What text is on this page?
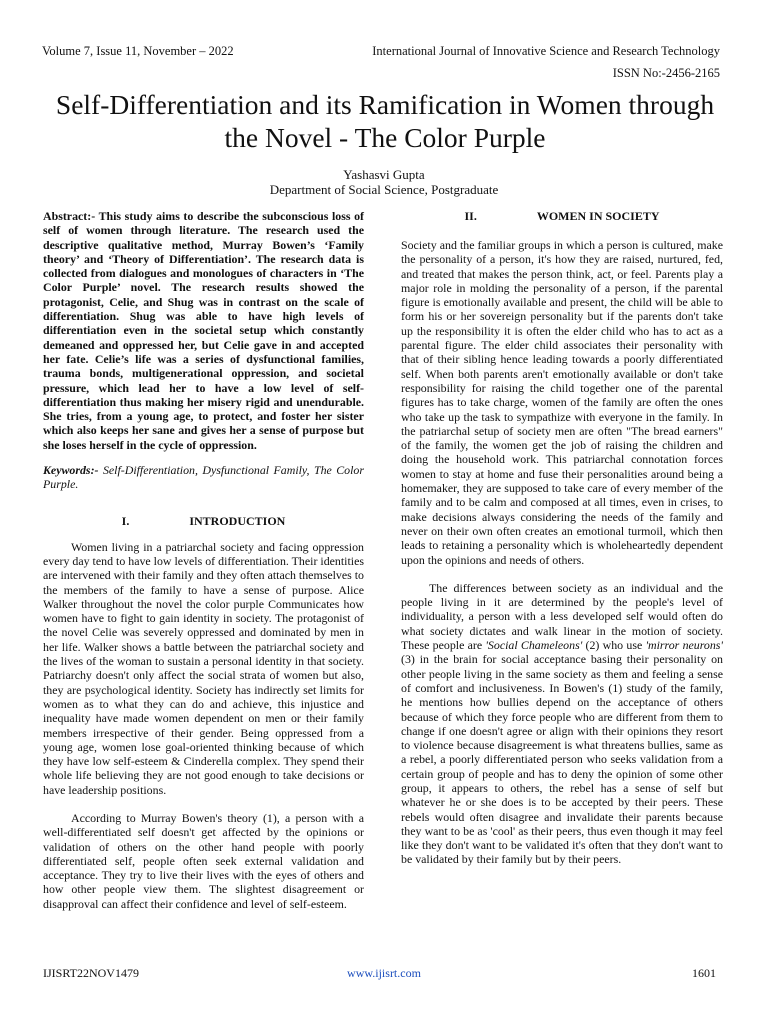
Volume 7, Issue 11, November – 2022	International Journal of Innovative Science and Research Technology
ISSN No:-2456-2165
Self-Differentiation and its Ramification in Women through the Novel - The Color Purple
Yashasvi Gupta
Department of Social Science, Postgraduate

Abstract:- This study aims to describe the subconscious loss of self of women through literature. The research used the descriptive qualitative method, Murray Bowen’s ‘Family theory’ and ‘Theory of Differentiation’. The research data is collected from dialogues and monologues of characters in ‘The Color Purple’ novel. The research results showed the protagonist, Celie, and Shug was in contrast on the scale of differentiation. Shug was able to have high levels of differentiation even in the societal setup which constantly demeaned and oppressed her, but Celie gave in and accepted her fate. Celie’s life was a series of dysfunctional families, trauma bonds, multigenerational oppression, and societal pressure, which lead her to have a low level of self-differentiation thus making her misery rigid and unendurable. She tries, from a young age, to protect, and foster her sister which also keeps her sane and gives her a sense of purpose but she loses herself in the cycle of oppression.

Keywords:- Self-Differentiation, Dysfunctional Family, The Color Purple.

I.	INTRODUCTION

Women living in a patriarchal society and facing oppression every day tend to have low levels of differentiation. Their identities are intervened with their family and they often attach themselves to the members of the family to have a sense of purpose. Alice Walker throughout the novel the color purple Communicates how women have to fight to gain identity in society. The protagonist of the novel Celie was severely oppressed and dominated by men in her life. Walker shows a battle between the patriarchal society and the lives of the woman to sustain a personal identity in that society. Patriarchy doesn't only affect the social strata of women but also, they are psychological identity. Society has indirectly set limits for women as to what they can do and achieve, this injustice and inequality have made women dependent on men or their family members irrespective of their gender. Being oppressed from a young age, women lose goal-oriented thinking because of which they have low self-esteem & Cinderella complex. They spend their whole life believing they are not good enough to take decisions or have leadership positions.

According to Murray Bowen's theory (1), a person with a well-differentiated self doesn't get affected by the opinions or validation of others on the other hand people with poorly differentiated self, people often seek external validation and acceptance. They try to live their lives with the eyes of others and how other people view them. The slightest disagreement or disapproval can affect their confidence and level of self-esteem.

II.	WOMEN IN SOCIETY

Society and the familiar groups in which a person is cultured, make the personality of a person, it's how they are raised, nurtured, fed, and treated that makes the person think, act, or feel. Parents play a major role in molding the personality of a person, if the parental figure is emotionally available and present, the child will be able to form his or her sovereign personality but if the parents don't take up the responsibility it is often the elder child who has to act as a parental figure. The elder child associates their personality with that of their sibling hence leading towards a poorly differentiated self. When both parents aren't emotionally available or don't take responsibility for raising the child together one of the parental figures has to take charge, women of the family are often the ones who take up the task to sympathize with everyone in the family. In the patriarchal setup of society men are often "The bread earners" of the family, the women get the job of raising the children and doing the household work. This patriarchal connotation forces women to stay at home and fuse their personalities around being a homemaker, they are supposed to take care of every member of the family and to be calm and composed at all times, even in crises, to make decisions always considering the needs of the family and never on their own often creates an emotional turmoil, which then leads to retaining a personality which is wholeheartedly dependent upon the opinions and needs of others.

The differences between society as an individual and the people living in it are determined by the people's level of individuality, a person with a less developed self would often do what society dictates and walk linear in the motion of society. These people are 'Social Chameleons' (2) who use 'mirror neurons' (3) in the brain for social acceptance basing their personality on other people living in the same society as them and feeling a sense of comfort and inclusiveness. In Bowen's (1) study of the family, he mentions how bullies depend on the acceptance of others because of which they force people who are different from them to change if one doesn't agree or align with their opinions they resort to violence because disagreement is what threatens bullies, same as a rebel, a poorly differentiated person who seeks validation from a certain group of people and has to deny the opinion of some other group, it appears to others, the rebel has a sense of self but whatever he or she does is to be accepted by their peers. These rebels would often disagree and invalidate their parents because they want to be as 'cool' as their peers, thus even though it may feel like they don't want to be validated it's often that they don't want to be validated by their family but by their peers.

IJISRT22NOV1479	www.ijisrt.com	1601
